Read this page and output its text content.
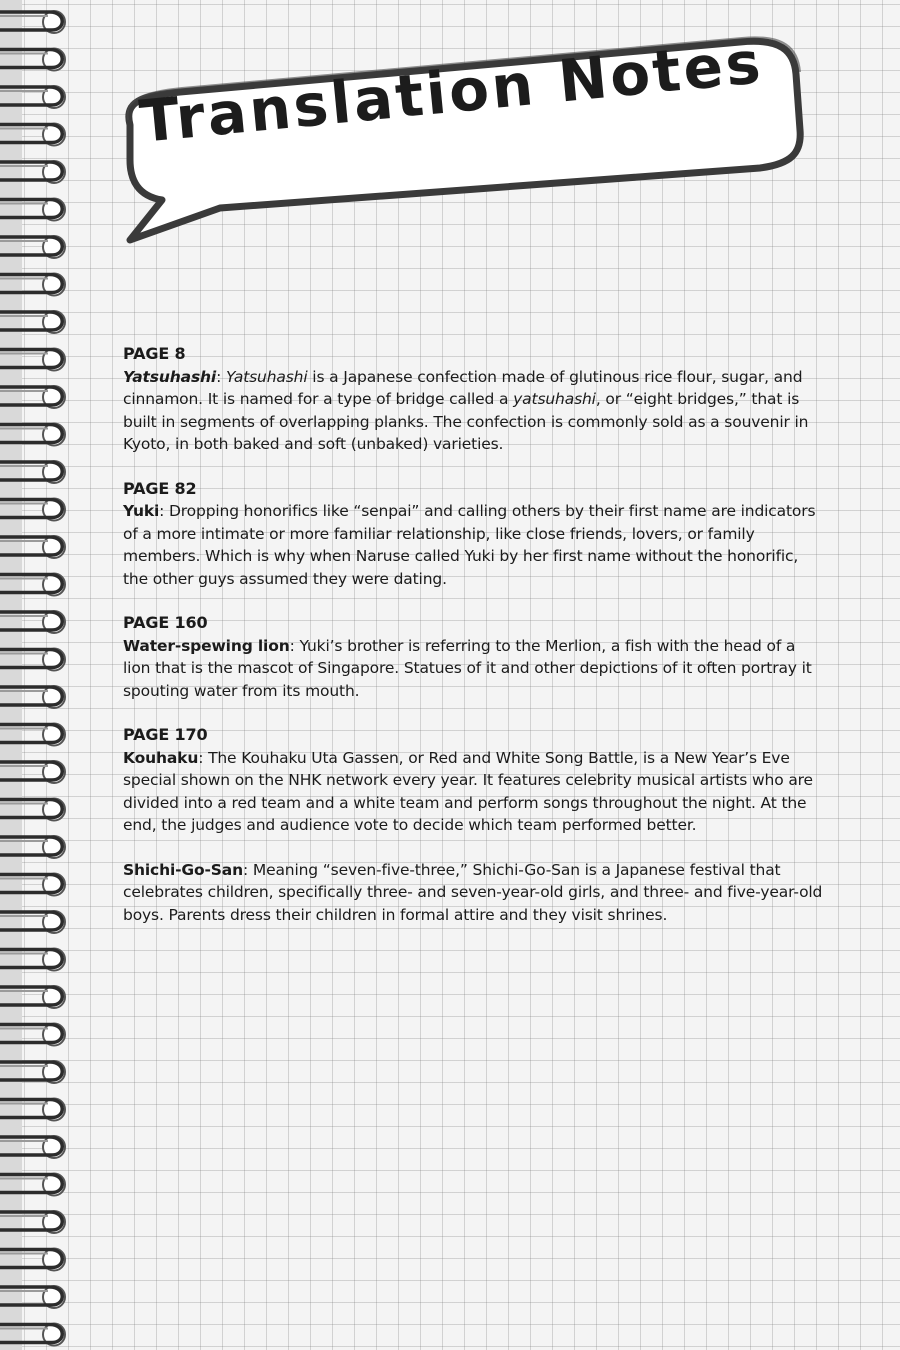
Translation Notes
PAGE 8

Yatsuhashi: Yatsuhashi is a Japanese confection made of glutinous rice flour, sugar, and cinnamon. It is named for a type of bridge called a yatsuhashi, or “eight bridges,” that is built in segments of overlapping planks. The confection is commonly sold as a souvenir in Kyoto, in both baked and soft (unbaked) varieties.

PAGE 82

Yuki: Dropping honorifics like “senpai” and calling others by their first name are indicators of a more intimate or more familiar relationship, like close friends, lovers, or family members. Which is why when Naruse called Yuki by her first name without the honorific, the other guys assumed they were dating.

PAGE 160

Water-spewing lion: Yuki’s brother is referring to the Merlion, a fish with the head of a lion that is the mascot of Singapore. Statues of it and other depictions of it often portray it spouting water from its mouth.

PAGE 170

Kouhaku: The Kouhaku Uta Gassen, or Red and White Song Battle, is a New Year’s Eve special shown on the NHK network every year. It features celebrity musical artists who are divided into a red team and a white team and perform songs throughout the night. At the end, the judges and audience vote to decide which team performed better.

Shichi-Go-San: Meaning “seven-five-three,” Shichi-Go-San is a Japanese festival that celebrates children, specifically three- and seven-year-old girls, and three- and five-year-old boys. Parents dress their children in formal attire and they visit shrines.
